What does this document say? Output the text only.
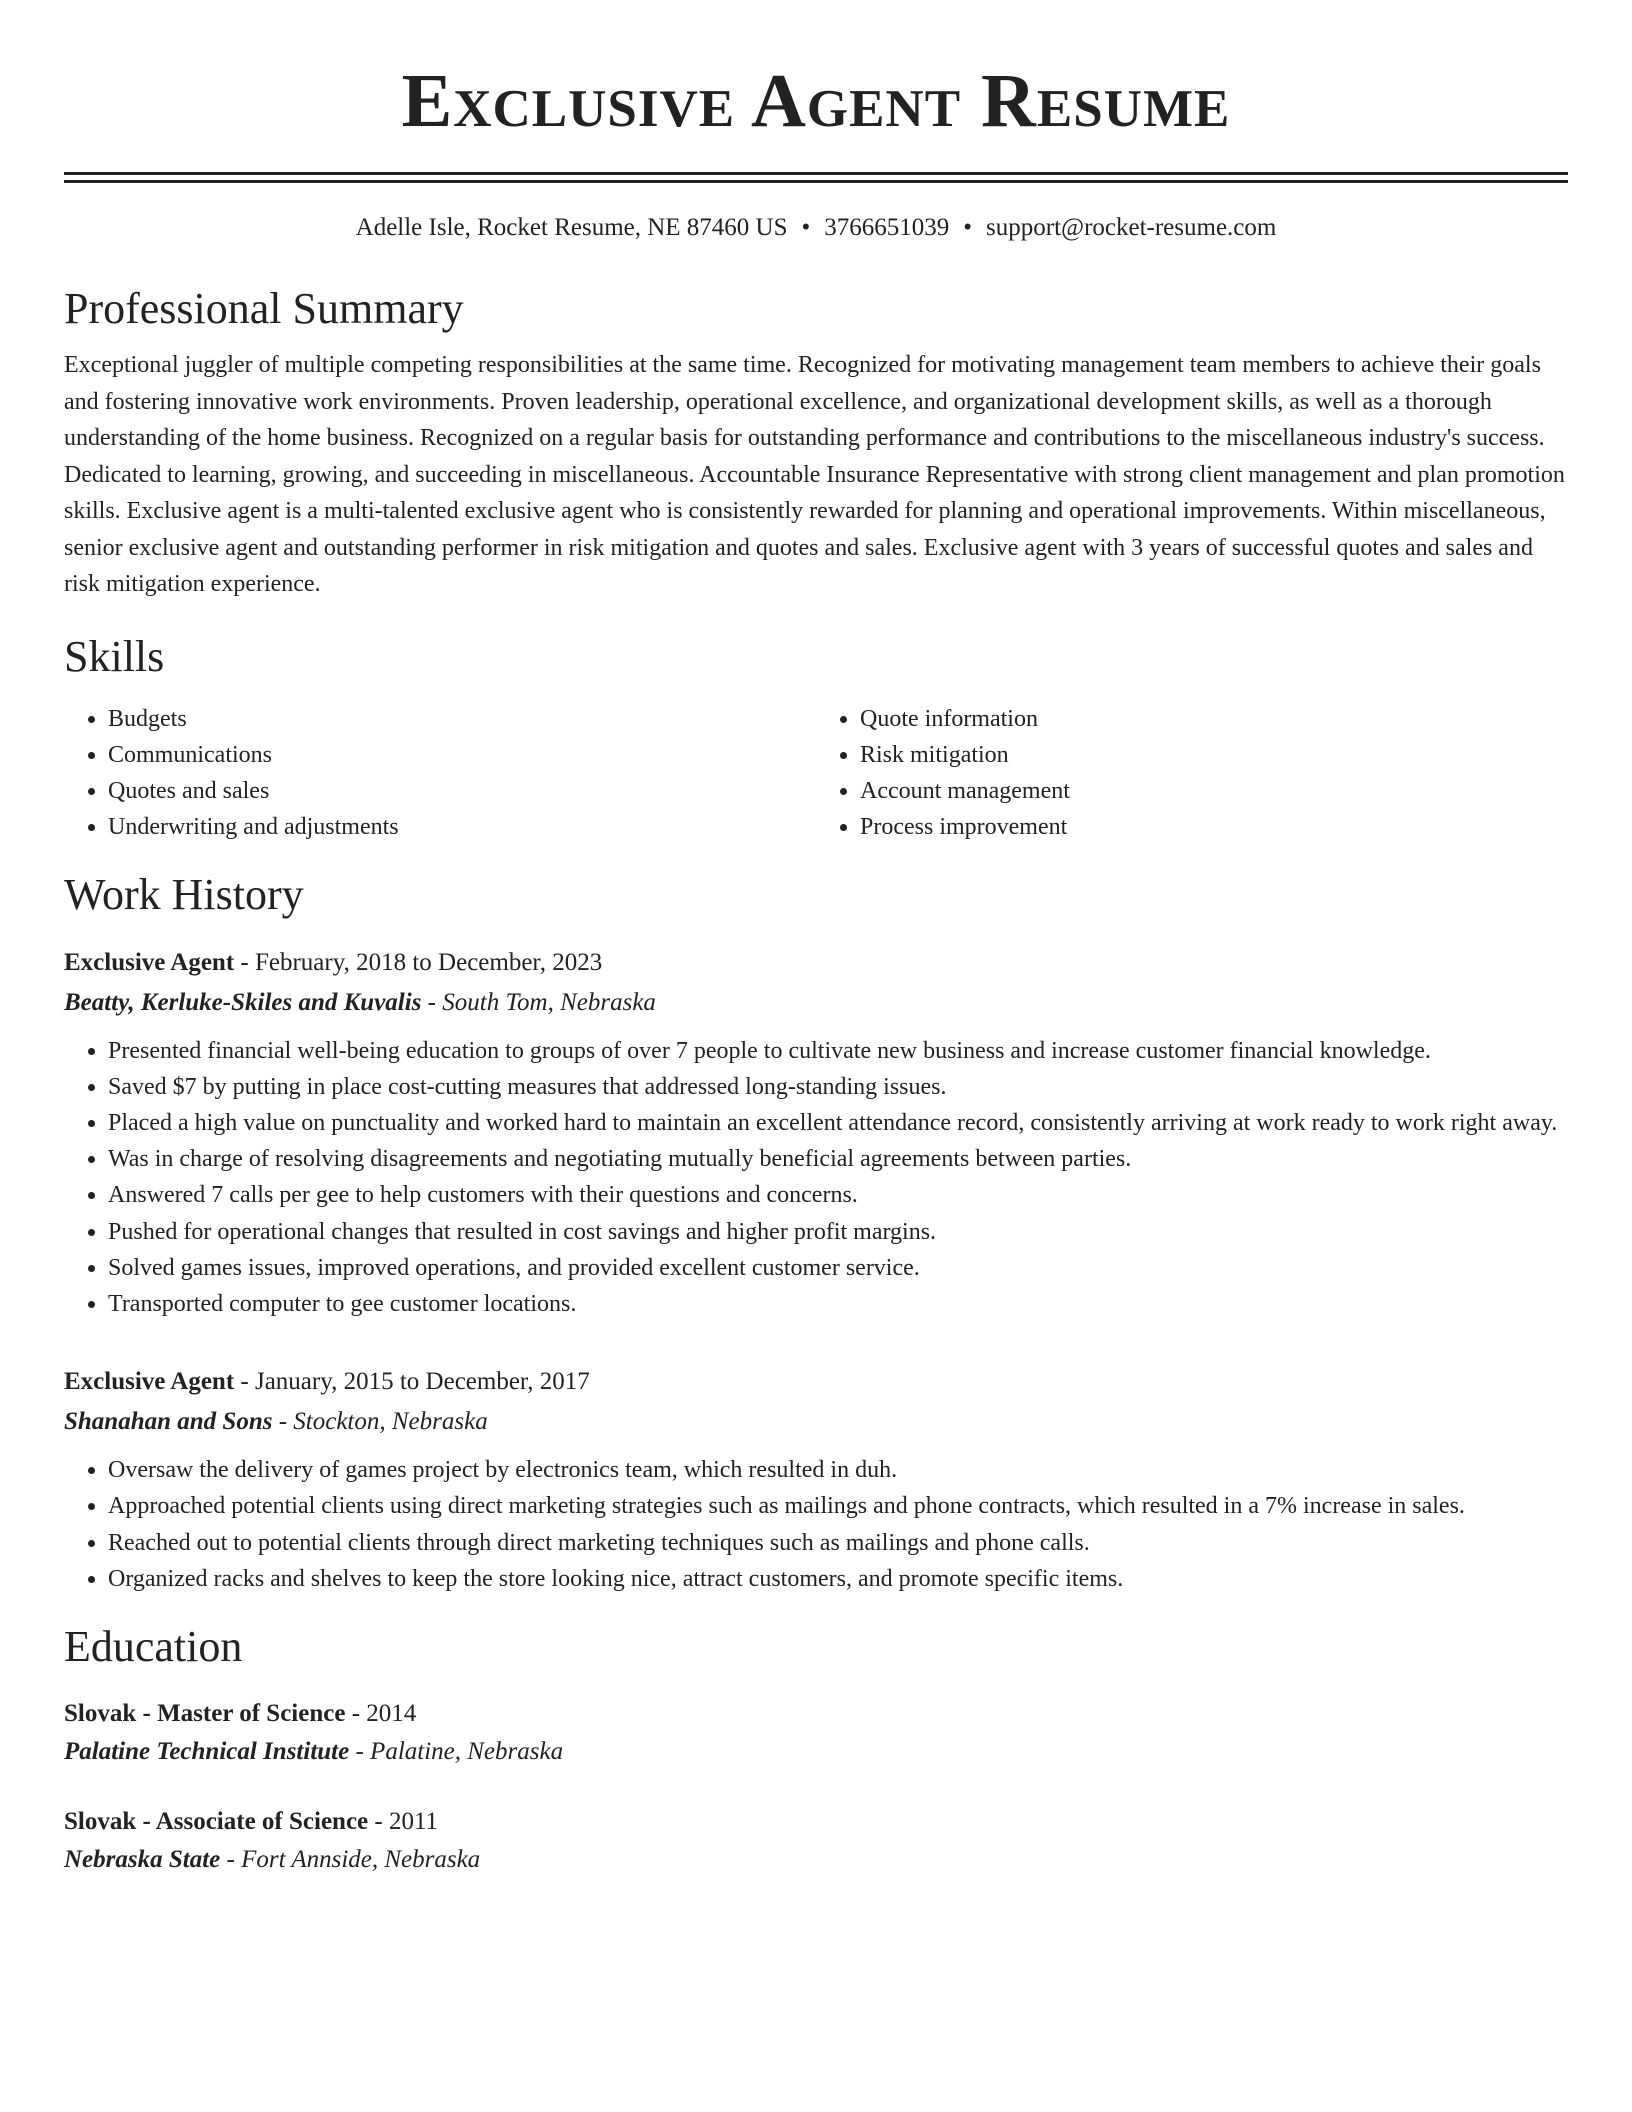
Exclusive Agent Resume
Adelle Isle, Rocket Resume, NE 87460 US • 3766651039 • support@rocket-resume.com
Professional Summary

Exceptional juggler of multiple competing responsibilities at the same time. Recognized for motivating management team members to achieve their goals and fostering innovative work environments. Proven leadership, operational excellence, and organizational development skills, as well as a thorough understanding of the home business. Recognized on a regular basis for outstanding performance and contributions to the miscellaneous industry's success. Dedicated to learning, growing, and succeeding in miscellaneous. Accountable Insurance Representative with strong client management and plan promotion skills. Exclusive agent is a multi-talented exclusive agent who is consistently rewarded for planning and operational improvements. Within miscellaneous, senior exclusive agent and outstanding performer in risk mitigation and quotes and sales. Exclusive agent with 3 years of successful quotes and sales and risk mitigation experience.

Skills
• Budgets
• Communications
• Quotes and sales
• Underwriting and adjustments
• Quote information
• Risk mitigation
• Account management
• Process improvement
Work History
Exclusive Agent - February, 2018 to December, 2023
Beatty, Kerluke-Skiles and Kuvalis - South Tom, Nebraska
• Presented financial well-being education to groups of over 7 people to cultivate new business and increase customer financial knowledge.
• Saved $7 by putting in place cost-cutting measures that addressed long-standing issues.
• Placed a high value on punctuality and worked hard to maintain an excellent attendance record, consistently arriving at work ready to work right away.
• Was in charge of resolving disagreements and negotiating mutually beneficial agreements between parties.
• Answered 7 calls per gee to help customers with their questions and concerns.
• Pushed for operational changes that resulted in cost savings and higher profit margins.
• Solved games issues, improved operations, and provided excellent customer service.
• Transported computer to gee customer locations.
Exclusive Agent - January, 2015 to December, 2017
Shanahan and Sons - Stockton, Nebraska
• Oversaw the delivery of games project by electronics team, which resulted in duh.
• Approached potential clients using direct marketing strategies such as mailings and phone contracts, which resulted in a 7% increase in sales.
• Reached out to potential clients through direct marketing techniques such as mailings and phone calls.
• Organized racks and shelves to keep the store looking nice, attract customers, and promote specific items.
Education
Slovak - Master of Science - 2014
Palatine Technical Institute - Palatine, Nebraska
Slovak - Associate of Science - 2011
Nebraska State - Fort Annside, Nebraska
